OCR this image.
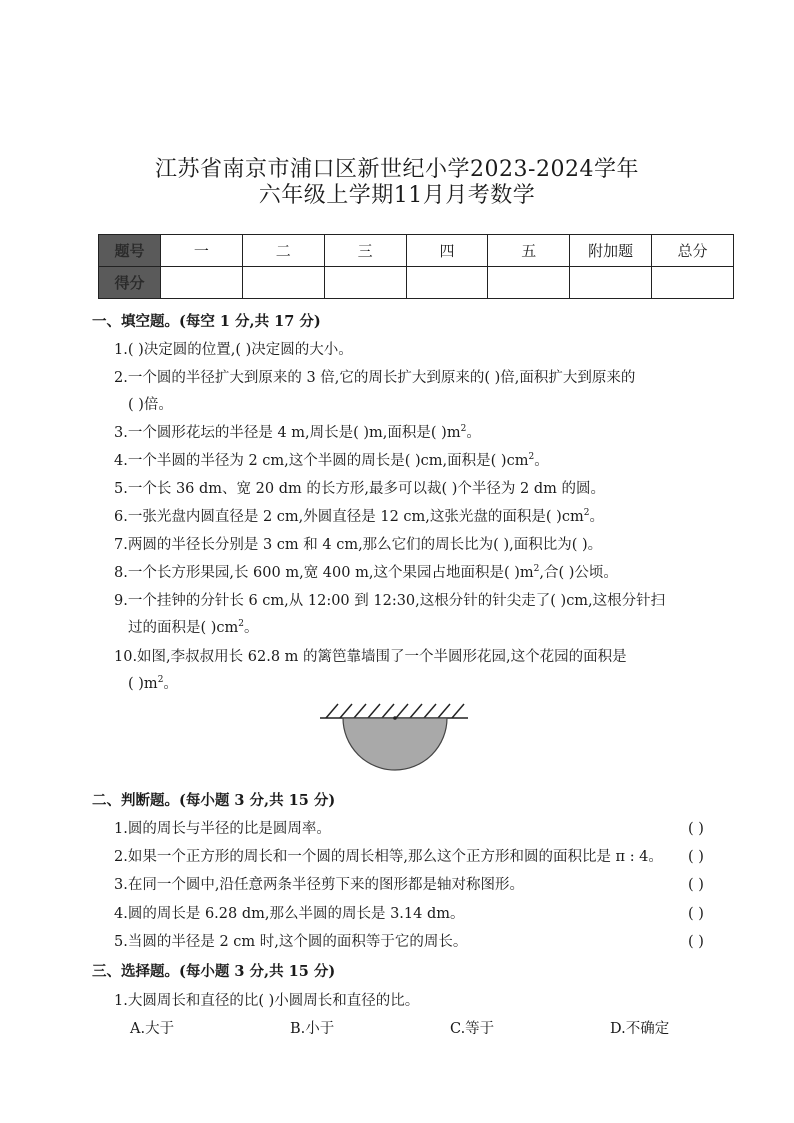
江苏省南京市浦口区新世纪小学2023-2024学年
六年级上学期11月月考数学
题号	一	二	三	四	五	附加题	总分
得分							
一、填空题。(每空 1 分,共 17 分)
1.( )决定圆的位置,( )决定圆的大小。
2.一个圆的半径扩大到原来的 3 倍,它的周长扩大到原来的( )倍,面积扩大到原来的
( )倍。
3.一个圆形花坛的半径是 4 m,周长是( )m,面积是( )$m^2$。
4.一个半圆的半径为 2 cm,这个半圆的周长是( )cm,面积是( )$cm^2$。
5.一个长 36 dm、宽 20 dm 的长方形,最多可以裁( )个半径为 2 dm 的圆。
6.一张光盘内圆直径是 2 cm,外圆直径是 12 cm,这张光盘的面积是( )$cm^2$。
7.两圆的半径长分别是 3 cm 和 4 cm,那么它们的周长比为( ),面积比为( )。
8.一个长方形果园,长 600 m,宽 400 m,这个果园占地面积是( )$m^2$,合( )公顷。
9.一个挂钟的分针长 6 cm,从 12:00 到 12:30,这根分针的针尖走了( )cm,这根分针扫
过的面积是( )$cm^2$。
10.如图,李叔叔用长 62.8 m 的篱笆靠墙围了一个半圆形花园,这个花园的面积是
( )$m^2$。
二、判断题。(每小题 3 分,共 15 分)
1.圆的周长与半径的比是圆周率。	( )
2.如果一个正方形的周长和一个圆的周长相等,那么这个正方形和圆的面积比是 π : 4。 ( )
3.在同一个圆中,沿任意两条半径剪下来的图形都是轴对称图形。	( )
4.圆的周长是 6.28 dm,那么半圆的周长是 3.14 dm。	( )
5.当圆的半径是 2 cm 时,这个圆的面积等于它的周长。	( )
三、选择题。(每小题 3 分,共 15 分)
1.大圆周长和直径的比( )小圆周长和直径的比。
A.大于	B.小于	C.等于	D.不确定
